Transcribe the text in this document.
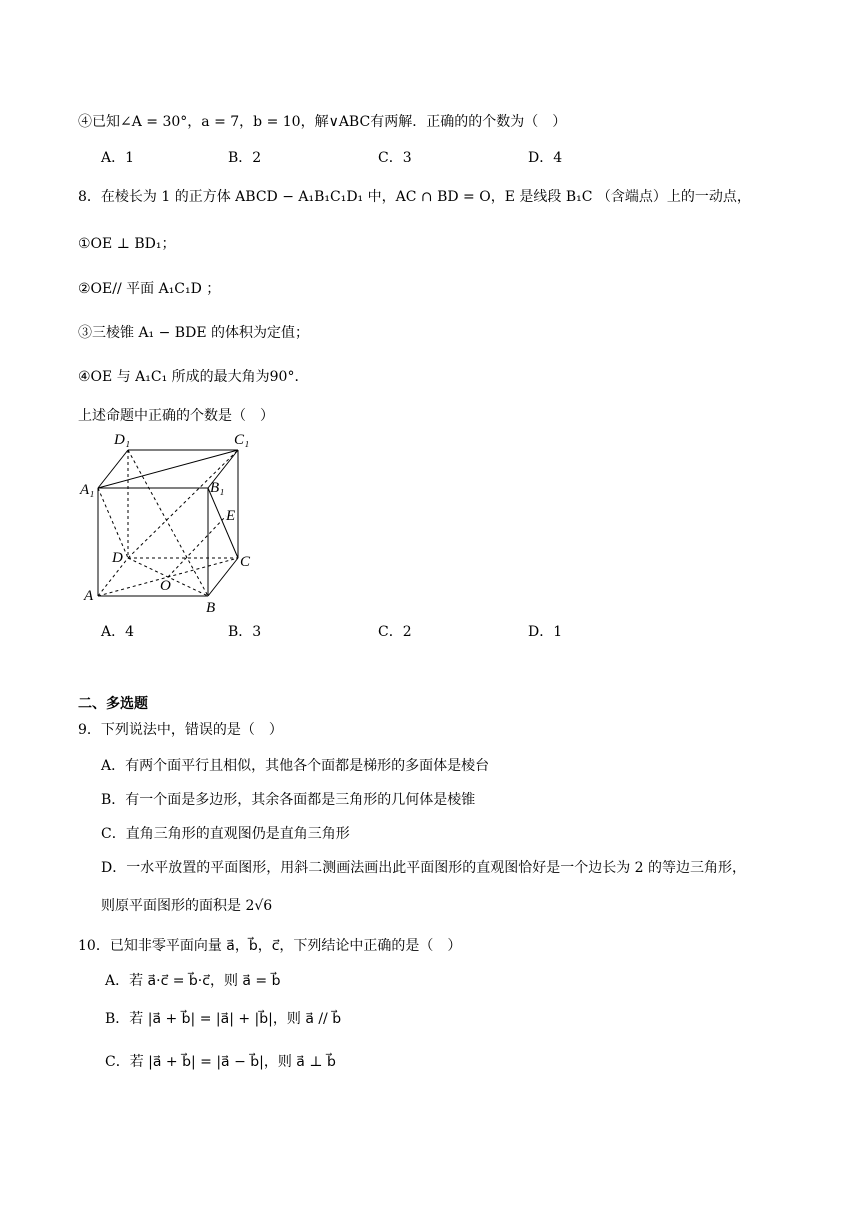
④已知∠A = 30°，a = 7，b = 10，解∨ABC有两解．正确的的个数为（　）
A．1	B．2	C．3	D．4
8．在棱长为 1 的正方体 ABCD − A₁B₁C₁D₁ 中，AC ∩ BD = O，E 是线段 B₁C （含端点）上的一动点，
①OE ⊥ BD₁；
②OE// 平面 A₁C₁D ；
③三棱锥 A₁ − BDE 的体积为定值；
④OE 与 A₁C₁ 所成的最大角为90°．
上述命题中正确的个数是（　）
D₁	C₁
A₁	B₁
E
D	C
O
A
B
A．4	B．3	C．2	D．1
二、多选题
9．下列说法中，错误的是（　）
A．有两个面平行且相似，其他各个面都是梯形的多面体是棱台
B．有一个面是多边形，其余各面都是三角形的几何体是棱锥
C．直角三角形的直观图仍是直角三角形
D．一水平放置的平面图形，用斜二测画法画出此平面图形的直观图恰好是一个边长为 2 的等边三角形，
则原平面图形的面积是 2√6
10．已知非零平面向量 a⃗，b⃗，c⃗，下列结论中正确的是（　）
A．若 a⃗·c⃗ = b⃗·c⃗，则 a⃗ = b⃗
B．若 |a⃗ + b⃗| = |a⃗| + |b⃗|，则 a⃗ // b⃗
C．若 |a⃗ + b⃗| = |a⃗ − b⃗|，则 a⃗ ⊥ b⃗
